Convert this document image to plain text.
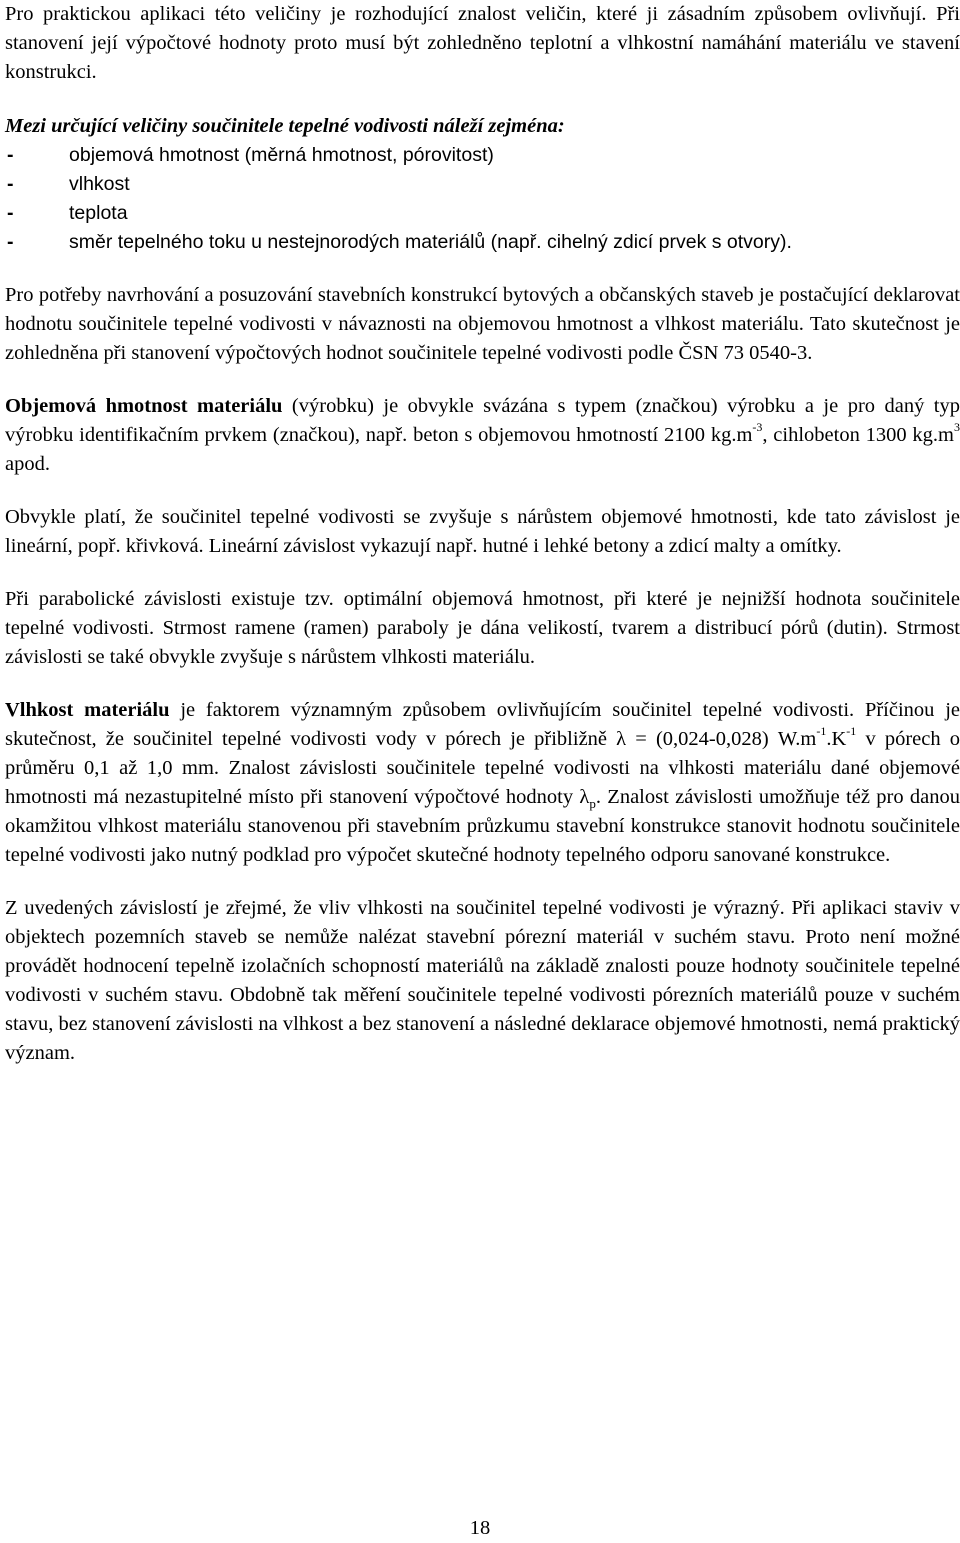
Pro praktickou aplikaci této veličiny je rozhodující znalost veličin, které ji zásadním způsobem ovlivňují. Při stanovení její výpočtové hodnoty proto musí být zohledněno teplotní a vlhkostní namáhání materiálu ve stavení konstrukci.

Mezi určující veličiny součinitele tepelné vodivosti náleží zejména:

-	objemová hmotnost (měrná hmotnost, pórovitost)
-	vlhkost
-	teplota
-	směr tepelného toku u nestejnorodých materiálů (např. cihelný zdicí prvek s otvory).

Pro potřeby navrhování a posuzování stavebních konstrukcí bytových a občanských staveb je postačující deklarovat hodnotu součinitele tepelné vodivosti v návaznosti na objemovou hmotnost a vlhkost materiálu. Tato skutečnost je zohledněna při stanovení výpočtových hodnot součinitele tepelné vodivosti podle ČSN 73 0540-3.

Objemová hmotnost materiálu (výrobku) je obvykle svázána s typem (značkou) výrobku a je pro daný typ výrobku identifikačním prvkem (značkou), např. beton s objemovou hmotností 2100 $kg.m^{-3}$, cihlobeton 1300 $kg.m^3$ apod.

Obvykle platí, že součinitel tepelné vodivosti se zvyšuje s nárůstem objemové hmotnosti, kde tato závislost je lineární, popř. křivková. Lineární závislost vykazují např. hutné i lehké betony a zdicí malty a omítky.

Při parabolické závislosti existuje tzv. optimální objemová hmotnost, při které je nejnižší hodnota součinitele tepelné vodivosti. Strmost ramene (ramen) paraboly je dána velikostí, tvarem a distribucí pórů (dutin). Strmost závislosti se také obvykle zvyšuje s nárůstem vlhkosti materiálu.

Vlhkost materiálu je faktorem významným způsobem ovlivňujícím součinitel tepelné vodivosti. Příčinou je skutečnost, že součinitel tepelné vodivosti vody v pórech je přibližně λ = (0,024-0,028) $W.m^{-1}.K^{-1}$ v pórech o průměru 0,1 až 1,0 mm. Znalost závislosti součinitele tepelné vodivosti na vlhkosti materiálu dané objemové hmotnosti má nezastupitelné místo při stanovení výpočtové hodnoty $\lambda_p$. Znalost závislosti umožňuje též pro danou okamžitou vlhkost materiálu stanovenou při stavebním průzkumu stavební konstrukce stanovit hodnotu součinitele tepelné vodivosti jako nutný podklad pro výpočet skutečné hodnoty tepelného odporu sanované konstrukce.

Z uvedených závislostí je zřejmé, že vliv vlhkosti na součinitel tepelné vodivosti je výrazný. Při aplikaci staviv v objektech pozemních staveb se nemůže nalézat stavební pórezní materiál v suchém stavu. Proto není možné provádět hodnocení tepelně izolačních schopností materiálů na základě znalosti pouze hodnoty součinitele tepelné vodivosti v suchém stavu. Obdobně tak měření součinitele tepelné vodivosti pórezních materiálů pouze v suchém stavu, bez stanovení závislosti na vlhkost a bez stanovení a následné deklarace objemové hmotnosti, nemá praktický význam.

18
